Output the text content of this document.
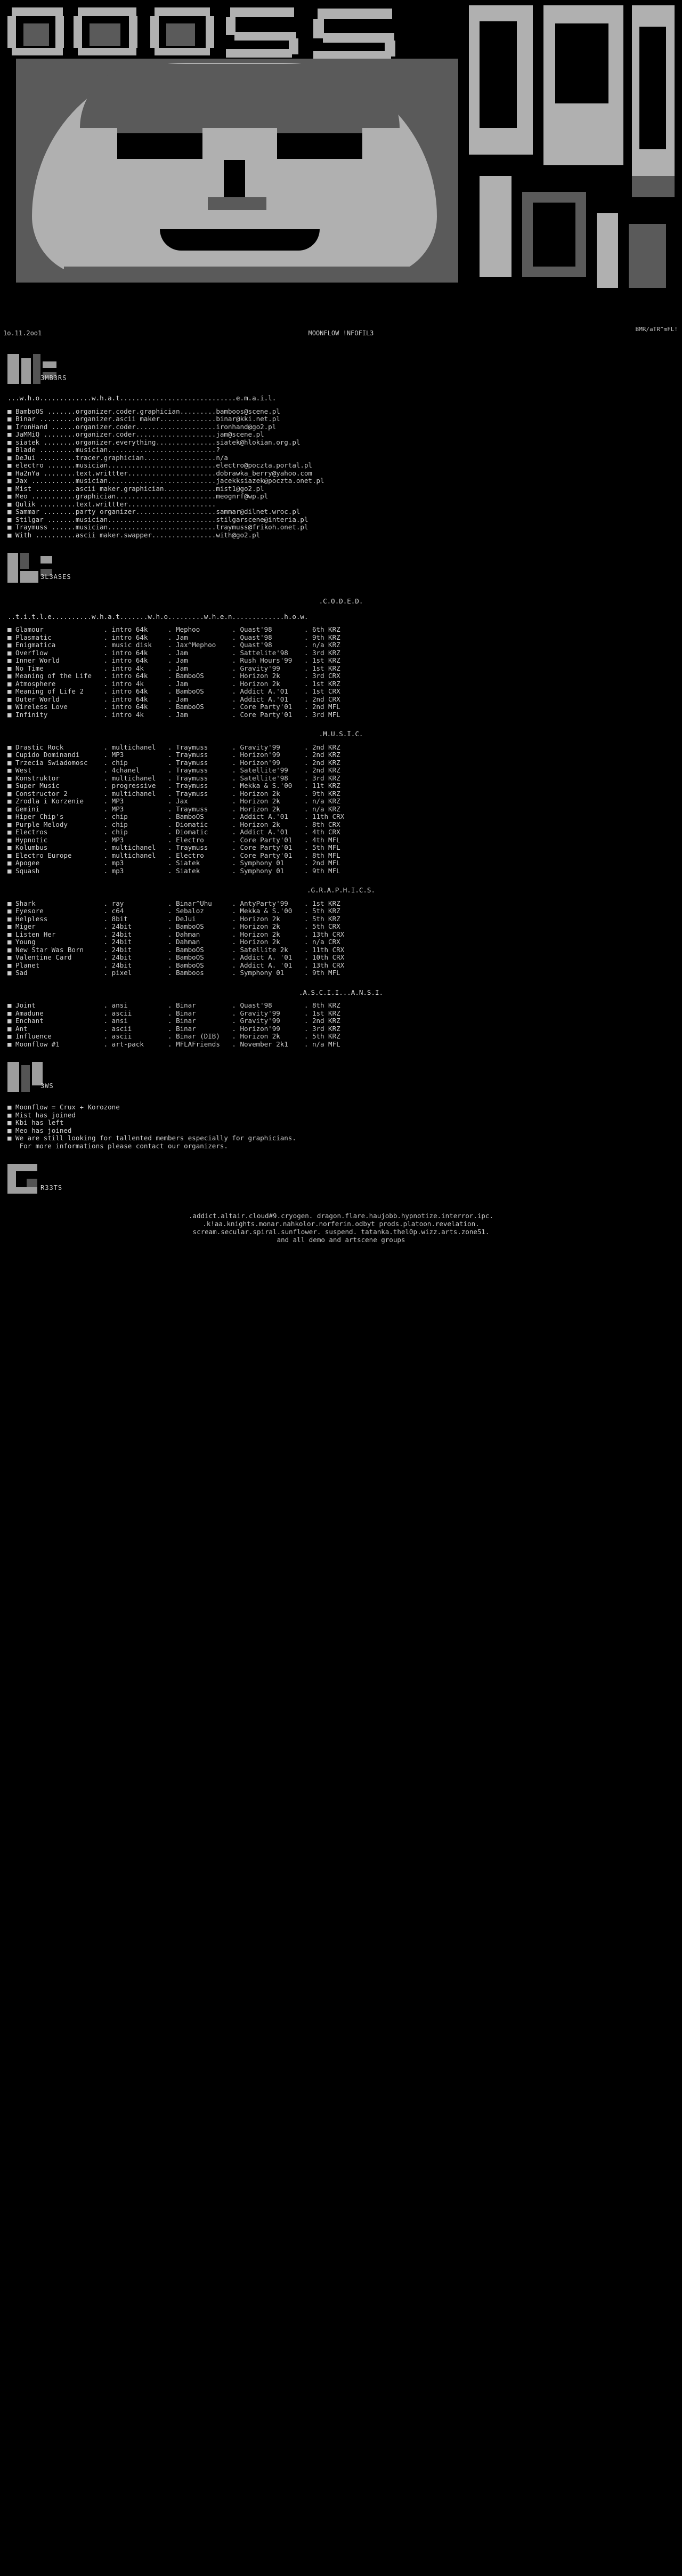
1o.11.2oo1	MOONFLOW !NFOFIL3
BMR/aTR^mFL!
3MB3RS
...w.h.o.............w.h.a.t.............................e.m.a.i.l.
■ BamboOS .......organizer.coder.graphician.........bamboos@scene.pl
■ Binar .........organizer.ascii maker..............binar@kki.net.pl
■ IronHand ......organizer.coder....................ironhand@go2.pl
■ JaMMiQ ........organizer.coder....................jam@scene.pl
■ siatek ........organizer.everything...............siatek@hlokian.org.pl
■ Blade .........musician...........................?
■ DeJui .........tracer.graphician..................n/a
■ electro .......musician...........................electro@poczta.portal.pl
■ Ha2nYa ........text.writtter......................dobrawka_berry@yahoo.com
■ Jax ...........musician...........................jacekksiazek@poczta.onet.pl
■ Mist ..........ascii maker.graphician.............mist1@go2.pl
■ Meo ...........graphician.........................meognrf@wp.pl
■ Qulik .........text.writtter......................
■ Sammar ........party organizer....................sammar@dilnet.wroc.pl
■ Stilgar .......musician...........................stilgarscene@interia.pl
■ Traymuss ......musician...........................traymuss@frikoh.onet.pl
■ With ..........ascii maker.swapper................with@go2.pl
3L3ASES
.C.O.D.E.D.
..t.i.t.l.e..........w.h.a.t.......w.h.o.........w.h.e.n.............h.o.w.
■ Glamour               . intro 64k     . Mephoo        . Quast'98        . 6th KRZ
■ Plasmatic             . intro 64k     . Jam           . Quast'98        . 9th KRZ
■ Enigmatica            . music disk    . Jax^Mephoo    . Quast'98        . n/a KRZ
■ Overflow              . intro 64k     . Jam           . Sattelite'98    . 3rd KRZ
■ Inner World           . intro 64k     . Jam           . Rush Hours'99   . 1st KRZ
■ No Time               . intro 4k      . Jam           . Gravity'99      . 1st KRZ
■ Meaning of the Life   . intro 64k     . BamboOS       . Horizon 2k      . 3rd CRX
■ Atmosphere            . intro 4k      . Jam           . Horizon 2k      . 1st KRZ
■ Meaning of Life 2     . intro 64k     . BamboOS       . Addict A.'01    . 1st CRX
■ Outer World           . intro 64k     . Jam           . Addict A.'01    . 2nd CRX
■ Wireless Love         . intro 64k     . BamboOS       . Core Party'01   . 2nd MFL
■ Infinity              . intro 4k      . Jam           . Core Party'01   . 3rd MFL
.M.U.S.I.C.
■ Drastic Rock          . multichanel   . Traymuss      . Gravity'99      . 2nd KRZ
■ Cupido Dominandi      . MP3           . Traymuss      . Horizon'99      . 2nd KRZ
■ Trzecia Swiadomosc    . chip          . Traymuss      . Horizon'99      . 2nd KRZ
■ West                  . 4chanel       . Traymuss      . Satellite'99    . 2nd KRZ
■ Konstruktor           . multichanel   . Traymuss      . Satellite'98    . 3rd KRZ
■ Super Music           . progressive   . Traymuss      . Mekka & S.'00   . 11t KRZ
■ Constructor 2         . multichanel   . Traymuss      . Horizon 2k      . 9th KRZ
■ Zrodla i Korzenie     . MP3           . Jax           . Horizon 2k      . n/a KRZ
■ Gemini                . MP3           . Traymuss      . Horizon 2k      . n/a KRZ
■ Hiper Chip's          . chip          . BamboOS       . Addict A.'01    . 11th CRX
■ Purple Melody         . chip          . Diomatic      . Horizon 2k      . 8th CRX
■ Electros              . chip          . Diomatic      . Addict A.'01    . 4th CRX
■ Hypnotic              . MP3           . Electro       . Core Party'01   . 4th MFL
■ Kolumbus              . multichanel   . Traymuss      . Core Party'01   . 5th MFL
■ Electro Europe        . multichanel   . Electro       . Core Party'01   . 8th MFL
■ Apogee                . mp3           . Siatek        . Symphony 01     . 2nd MFL
■ Squash                . mp3           . Siatek        . Symphony 01     . 9th MFL
.G.R.A.P.H.I.C.S.
■ Shark                 . ray           . Binar^Uhu     . AntyParty'99    . 1st KRZ
■ Eyesore               . c64           . Sebaloz       . Mekka & S.'00   . 5th KRZ
■ Helpless              . 8bit          . DeJui         . Horizon 2k      . 5th KRZ
■ Miger                 . 24bit         . BamboOS       . Horizon 2k      . 5th CRX
■ Listen Her            . 24bit         . Dahman        . Horizon 2k      . 13th CRX
■ Young                 . 24bit         . Dahman        . Horizon 2k      . n/a CRX
■ New Star Was Born     . 24bit         . BamboOS       . Satellite 2k    . 11th CRX
■ Valentine Card        . 24bit         . BamboOS       . Addict A. '01   . 10th CRX
■ Planet                . 24bit         . BamboOS       . Addict A. '01   . 13th CRX
■ Sad                   . pixel         . Bamboos       . Symphony 01     . 9th MFL
.A.S.C.I.I...A.N.S.I.
■ Joint                 . ansi          . Binar         . Quast'98        . 8th KRZ
■ Amadune               . ascii         . Binar         . Gravity'99      . 1st KRZ
■ Enchant               . ansi          . Binar         . Gravity'99      . 2nd KRZ
■ Ant                   . ascii         . Binar         . Horizon'99      . 3rd KRZ
■ Influence             . ascii         . Binar (DIB)   . Horizon 2k      . 5th KRZ
■ Moonflow #1           . art-pack      . MFLAFriends   . November 2k1    . n/a MFL
3WS
■ Moonflow = Crux + Korozone
■ Mist has joined
■ Kbi has left
■ Meo has joined
■ We are still looking for tallented members especially for graphicians.
For more informations please contact our organizers.
R33TS
.addict.altair.cloud#9.cryogen. dragon.flare.haujobb.hypnotize.interror.ipc.
.k!aa.knights.monar.nahkolor.norferin.odbyt prods.platoon.revelation.
scream.secular.spiral.sunflower. suspend. tatanka.thel0p.wizz.arts.zone51.
and all demo and artscene groups
